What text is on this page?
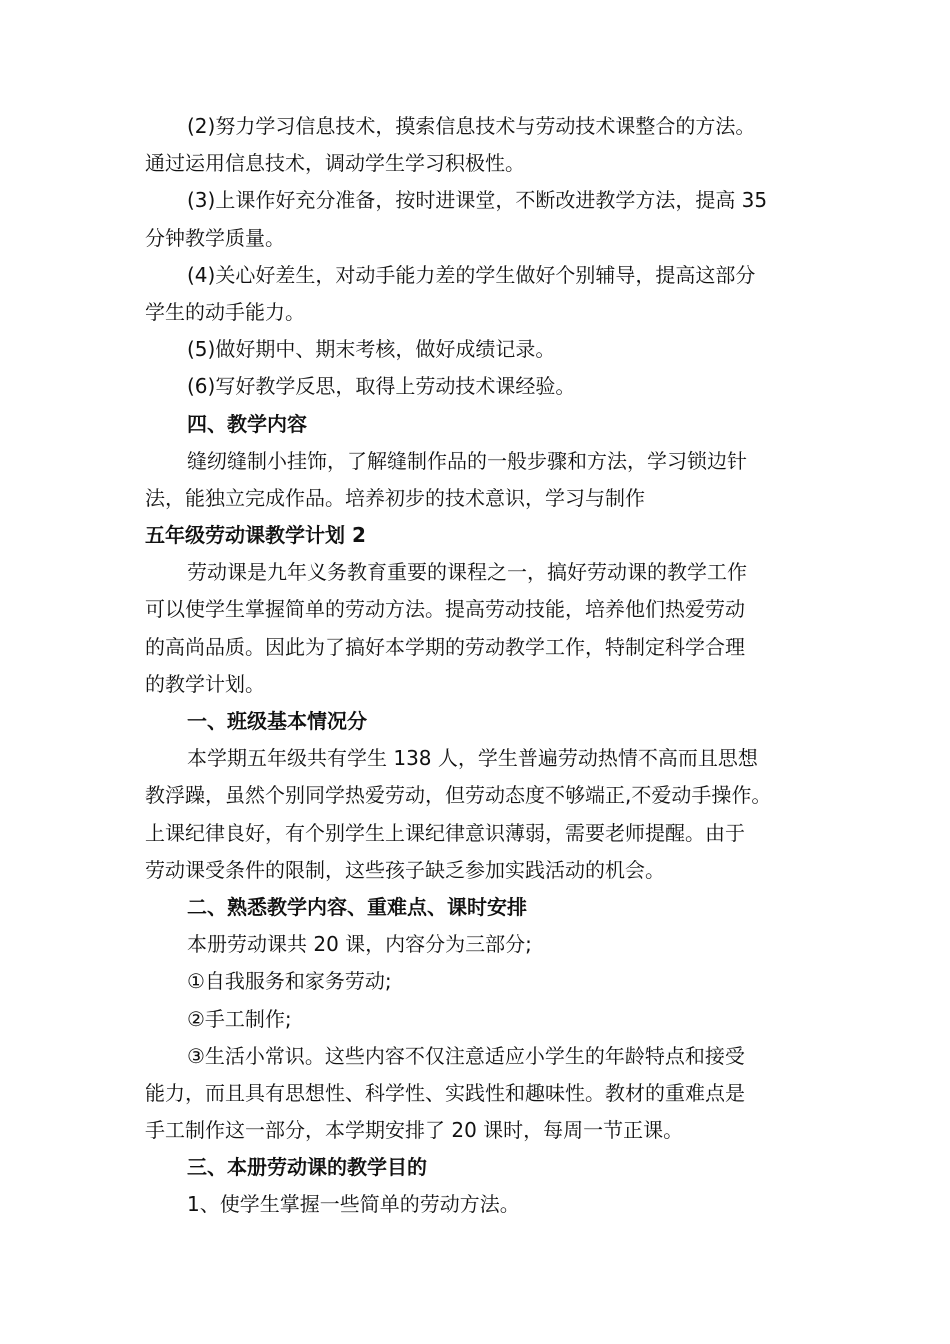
(2)努力学习信息技术，摸索信息技术与劳动技术课整合的方法。
通过运用信息技术，调动学生学习积极性。
(3)上课作好充分准备，按时进课堂，不断改进教学方法，提高 35
分钟教学质量。
(4)关心好差生，对动手能力差的学生做好个别辅导，提高这部分
学生的动手能力。
(5)做好期中、期末考核，做好成绩记录。
(6)写好教学反思，取得上劳动技术课经验。
四、教学内容
缝纫缝制小挂饰，了解缝制作品的一般步骤和方法，学习锁边针
法，能独立完成作品。培养初步的技术意识，学习与制作
五年级劳动课教学计划 2
劳动课是九年义务教育重要的课程之一，搞好劳动课的教学工作
可以使学生掌握简单的劳动方法。提高劳动技能，培养他们热爱劳动
的高尚品质。因此为了搞好本学期的劳动教学工作，特制定科学合理
的教学计划。
一、班级基本情况分
本学期五年级共有学生 138 人，学生普遍劳动热情不高而且思想
教浮躁，虽然个别同学热爱劳动，但劳动态度不够端正,不爱动手操作。
上课纪律良好，有个别学生上课纪律意识薄弱，需要老师提醒。由于
劳动课受条件的限制，这些孩子缺乏参加实践活动的机会。
二、熟悉教学内容、重难点、课时安排
本册劳动课共 20 课，内容分为三部分;
①自我服务和家务劳动;
②手工制作;
③生活小常识。这些内容不仅注意适应小学生的年龄特点和接受
能力，而且具有思想性、科学性、实践性和趣味性。教材的重难点是
手工制作这一部分，本学期安排了 20 课时，每周一节正课。
三、本册劳动课的教学目的
1、使学生掌握一些简单的劳动方法。
